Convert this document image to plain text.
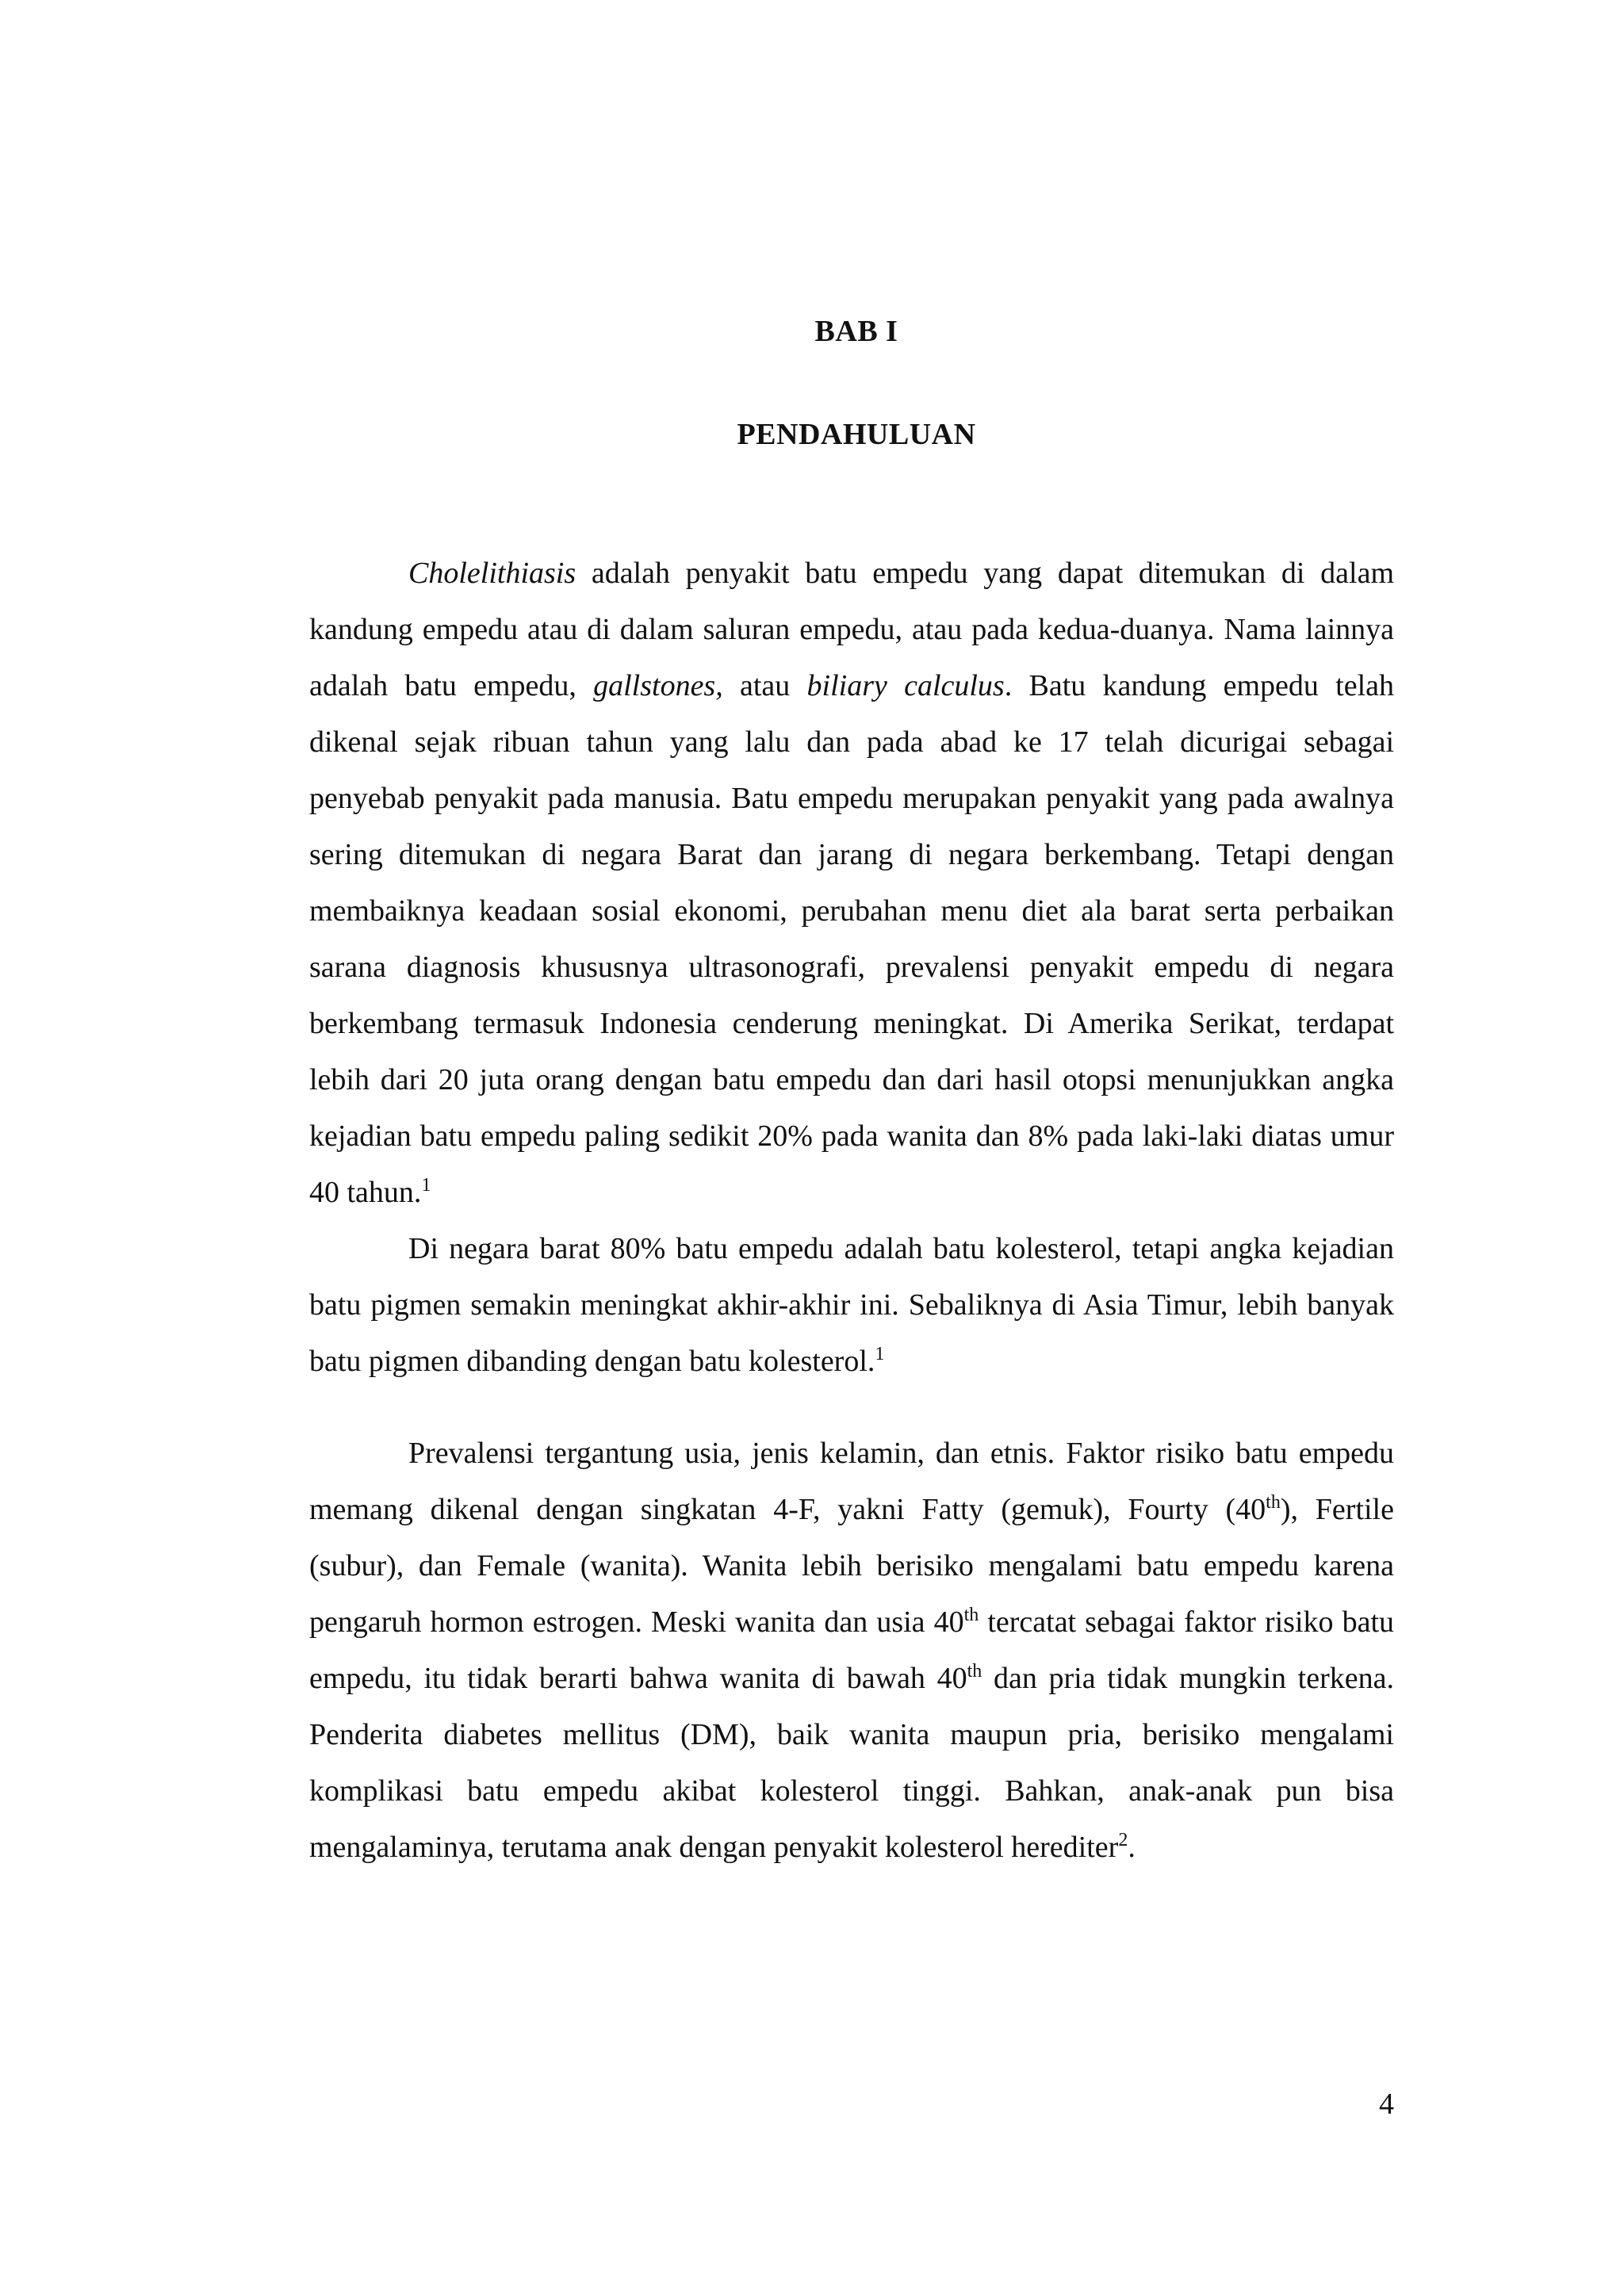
BAB I
PENDAHULUAN

Cholelithiasis adalah penyakit batu empedu yang dapat ditemukan di dalam kandung empedu atau di dalam saluran empedu, atau pada kedua-duanya. Nama lainnya adalah batu empedu, gallstones, atau biliary calculus. Batu kandung empedu telah dikenal sejak ribuan tahun yang lalu dan pada abad ke 17 telah dicurigai sebagai penyebab penyakit pada manusia. Batu empedu merupakan penyakit yang pada awalnya sering ditemukan di negara Barat dan jarang di negara berkembang. Tetapi dengan membaiknya keadaan sosial ekonomi, perubahan menu diet ala barat serta perbaikan sarana diagnosis khususnya ultrasonografi, prevalensi penyakit empedu di negara berkembang termasuk Indonesia cenderung meningkat. Di Amerika Serikat, terdapat lebih dari 20 juta orang dengan batu empedu dan dari hasil otopsi menunjukkan angka kejadian batu empedu paling sedikit 20% pada wanita dan 8% pada laki-laki diatas umur 40 tahun.$^1$

Di negara barat 80% batu empedu adalah batu kolesterol, tetapi angka kejadian batu pigmen semakin meningkat akhir-akhir ini. Sebaliknya di Asia Timur, lebih banyak batu pigmen dibanding dengan batu kolesterol.$^1$

Prevalensi tergantung usia, jenis kelamin, dan etnis. Faktor risiko batu empedu memang dikenal dengan singkatan 4-F, yakni Fatty (gemuk), Fourty (40th), Fertile (subur), dan Female (wanita). Wanita lebih berisiko mengalami batu empedu karena pengaruh hormon estrogen. Meski wanita dan usia 40th tercatat sebagai faktor risiko batu empedu, itu tidak berarti bahwa wanita di bawah 40th dan pria tidak mungkin terkena. Penderita diabetes mellitus (DM), baik wanita maupun pria, berisiko mengalami komplikasi batu empedu akibat kolesterol tinggi. Bahkan, anak-anak pun bisa mengalaminya, terutama anak dengan penyakit kolesterol herediter$^2$.

4
